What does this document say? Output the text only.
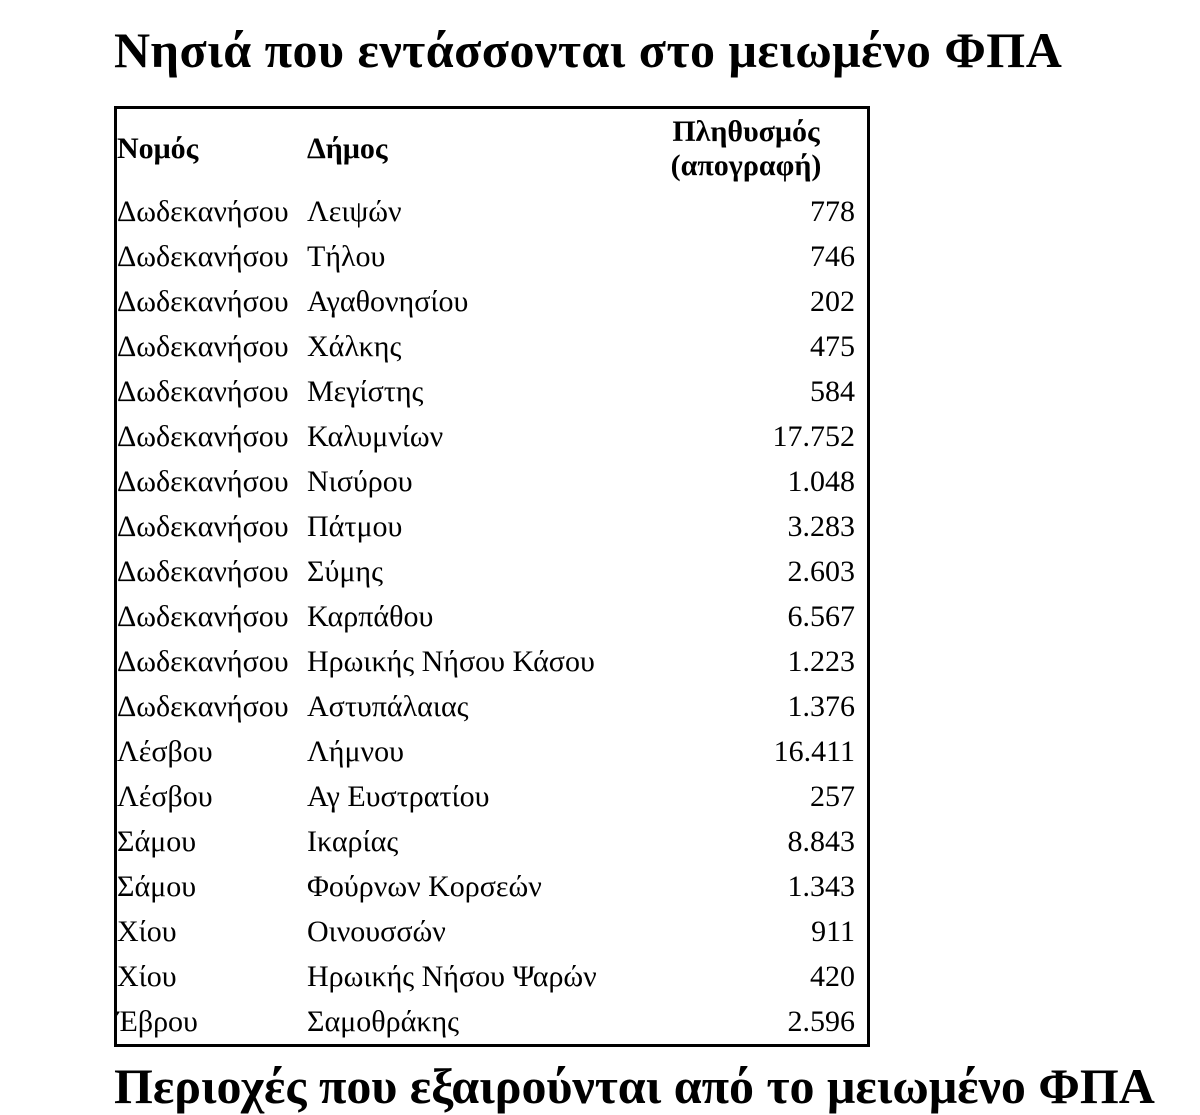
Νησιά που εντάσσονται στο μειωμένο ΦΠΑ
Νομός	Δήμος	Πληθυσμός
(απογραφή)

Δωδεκανήσου	Λειψών	778
Δωδεκανήσου	Τήλου	746
Δωδεκανήσου	Αγαθονησίου	202
Δωδεκανήσου	Χάλκης	475
Δωδεκανήσου	Μεγίστης	584
Δωδεκανήσου	Καλυμνίων	17.752
Δωδεκανήσου	Νισύρου	1.048
Δωδεκανήσου	Πάτμου	3.283
Δωδεκανήσου	Σύμης	2.603
Δωδεκανήσου	Καρπάθου	6.567
Δωδεκανήσου	Ηρωικής Νήσου Κάσου	1.223
Δωδεκανήσου	Αστυπάλαιας	1.376
Λέσβου	Λήμνου	16.411
Λέσβου	Αγ Ευστρατίου	257
Σάμου	Ικαρίας	8.843
Σάμου	Φούρνων Κορσεών	1.343
Χίου	Οινουσσών	911
Χίου	Ηρωικής Νήσου Ψαρών	420
Έβρου	Σαμοθράκης	2.596

Περιοχές που εξαιρούνται από το μειωμένο ΦΠΑ
